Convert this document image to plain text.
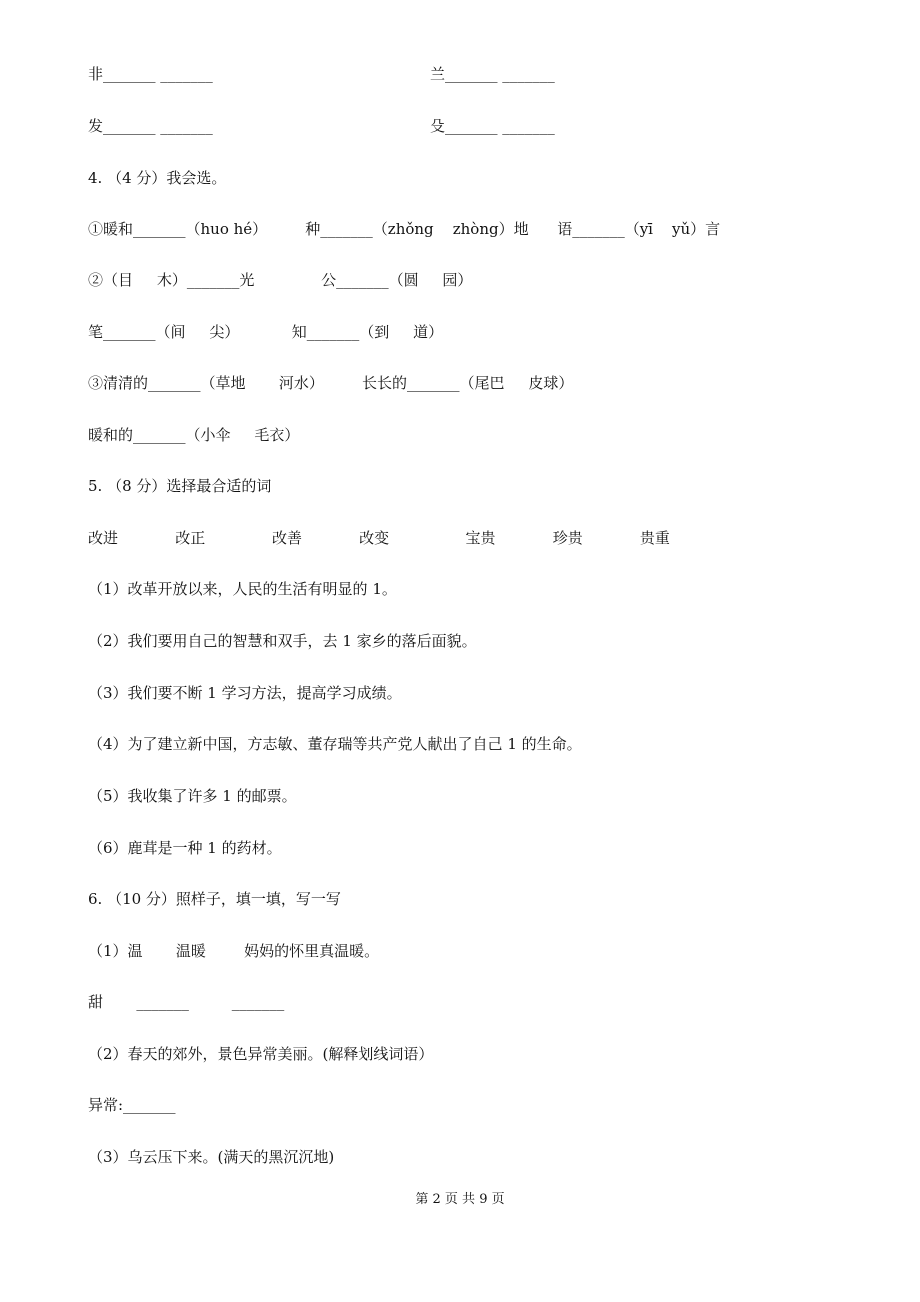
非_______ _______	兰_______ _______
发_______ _______	殳_______ _______
4. （4 分）我会选。
①暖和_______（huo hé）        种_______（zhǒng    zhòng）地      语_______（yī    yǔ）言
②（目     木）_______光              公_______（圆     园）
笔_______（间     尖）           知_______（到     道）
③清清的_______（草地       河水）        长长的_______（尾巴     皮球）
暖和的_______（小伞     毛衣）
5. （8 分）选择最合适的词
改进            改正              改善            改变                宝贵            珍贵            贵重
（1）改革开放以来，人民的生活有明显的 1。
（2）我们要用自己的智慧和双手，去 1 家乡的落后面貌。
（3）我们要不断 1 学习方法，提高学习成绩。
（4）为了建立新中国，方志敏、董存瑞等共产党人献出了自己 1 的生命。
（5）我收集了许多 1 的邮票。
（6）鹿茸是一种 1 的药材。
6. （10 分）照样子，填一填，写一写
（1）温       温暖        妈妈的怀里真温暖。
甜       _______         _______
（2）春天的郊外，景色异常美丽。(解释划线词语）
异常:_______
（3）乌云压下来。(满天的黑沉沉地)
第 2 页 共 9 页
